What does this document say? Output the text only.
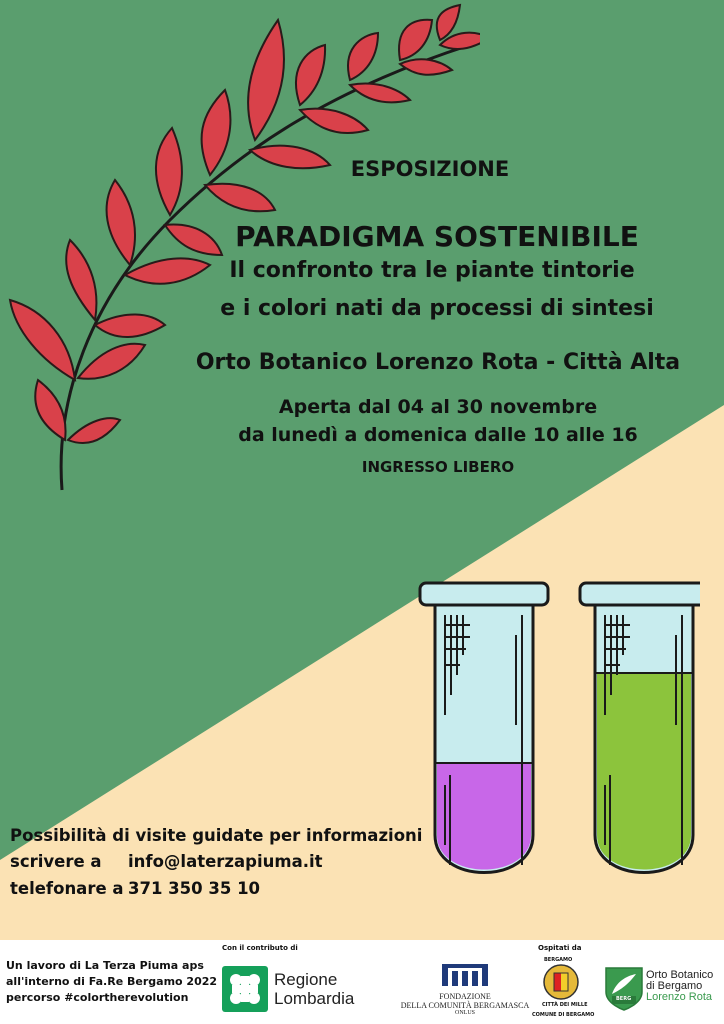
ESPOSIZIONE
PARADIGMA SOSTENIBILE
Il confronto tra le piante tintorie
e i colori nati da processi di sintesi
Orto Botanico Lorenzo Rota - Città Alta
Aperta dal 04 al 30 novembre
da lunedì a domenica dalle 10 alle 16
INGRESSO LIBERO
Possibilità di visite guidate per informazioni
scrivere a info@laterzapiuma.it
telefonare a 371 350 35 10
Un lavoro di La Terza Piuma aps
all'interno di Fa.Re Bergamo 2022
percorso #colortherevolution
Con il contributo di	Ospitati da
Regione
Lombardia	FONDAZIONE
DELLA COMUNITÀ BERGAMASCA
ONLUS
BERGAMO
CITTÀ DEI MILLE
COMUNE DI BERGAMO
BERG
Orto Botanico
di Bergamo
Lorenzo Rota
